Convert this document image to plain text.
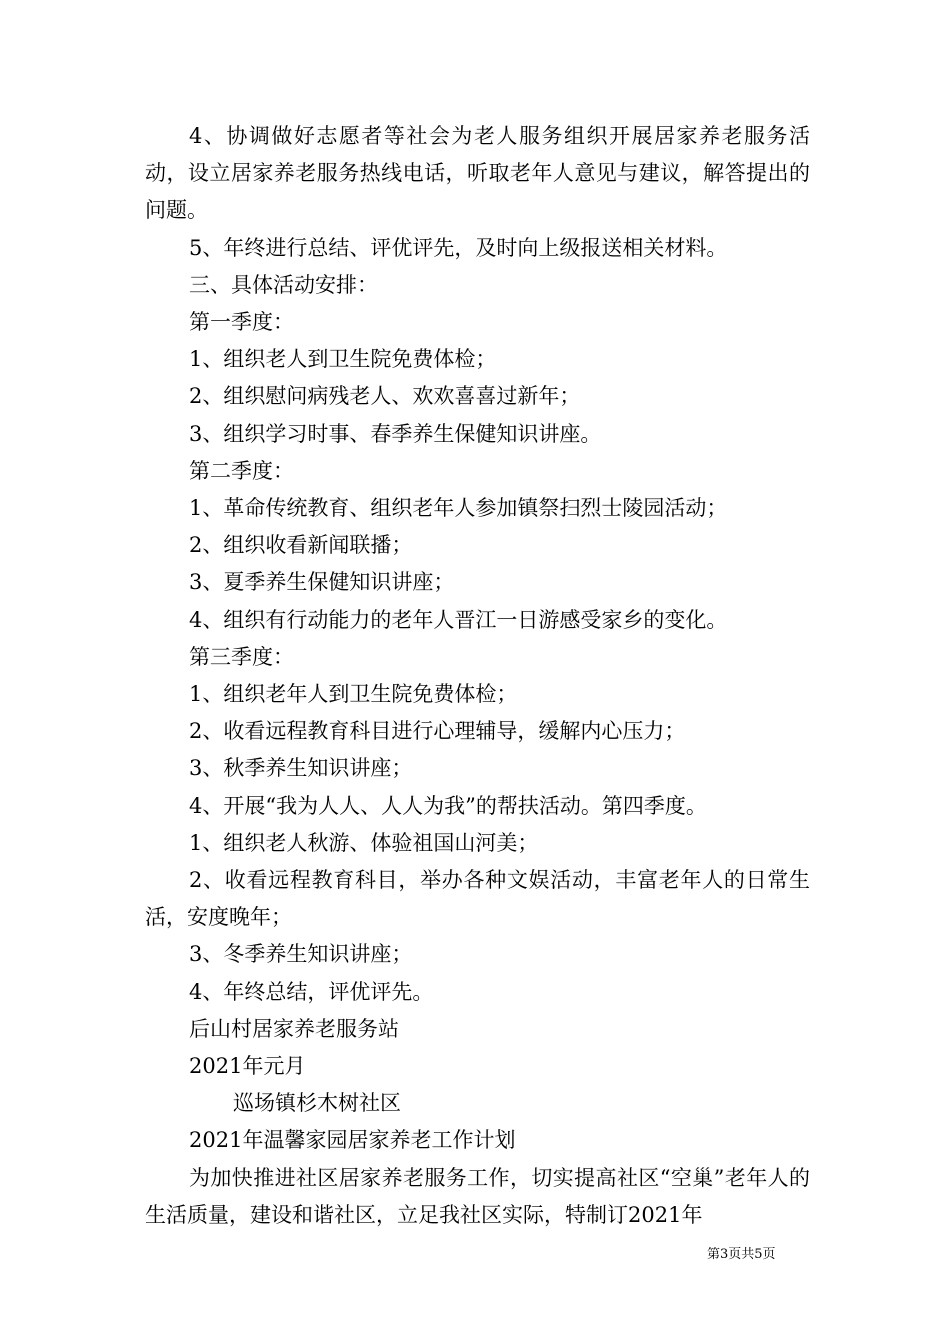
4、协调做好志愿者等社会为老人服务组织开展居家养老服务活动，设立居家养老服务热线电话，听取老年人意见与建议，解答提出的问题。

5、年终进行总结、评优评先，及时向上级报送相关材料。

三、具体活动安排：

第一季度：

1、组织老人到卫生院免费体检；

2、组织慰问病残老人、欢欢喜喜过新年；

3、组织学习时事、春季养生保健知识讲座。

第二季度：

1、革命传统教育、组织老年人参加镇祭扫烈士陵园活动；

2、组织收看新闻联播；

3、夏季养生保健知识讲座；

4、组织有行动能力的老年人晋江一日游感受家乡的变化。

第三季度：

1、组织老年人到卫生院免费体检；

2、收看远程教育科目进行心理辅导，缓解内心压力；

3、秋季养生知识讲座；

4、开展“我为人人、人人为我”的帮扶活动。第四季度。

1、组织老人秋游、体验祖国山河美；

2、收看远程教育科目，举办各种文娱活动，丰富老年人的日常生活，安度晚年；

3、冬季养生知识讲座；

4、年终总结，评优评先。

后山村居家养老服务站

2021年元月

巡场镇杉木树社区

2021年温馨家园居家养老工作计划

为加快推进社区居家养老服务工作，切实提高社区“空巢”老年人的生活质量，建设和谐社区，立足我社区实际，特制订2021年

第3页共5页
